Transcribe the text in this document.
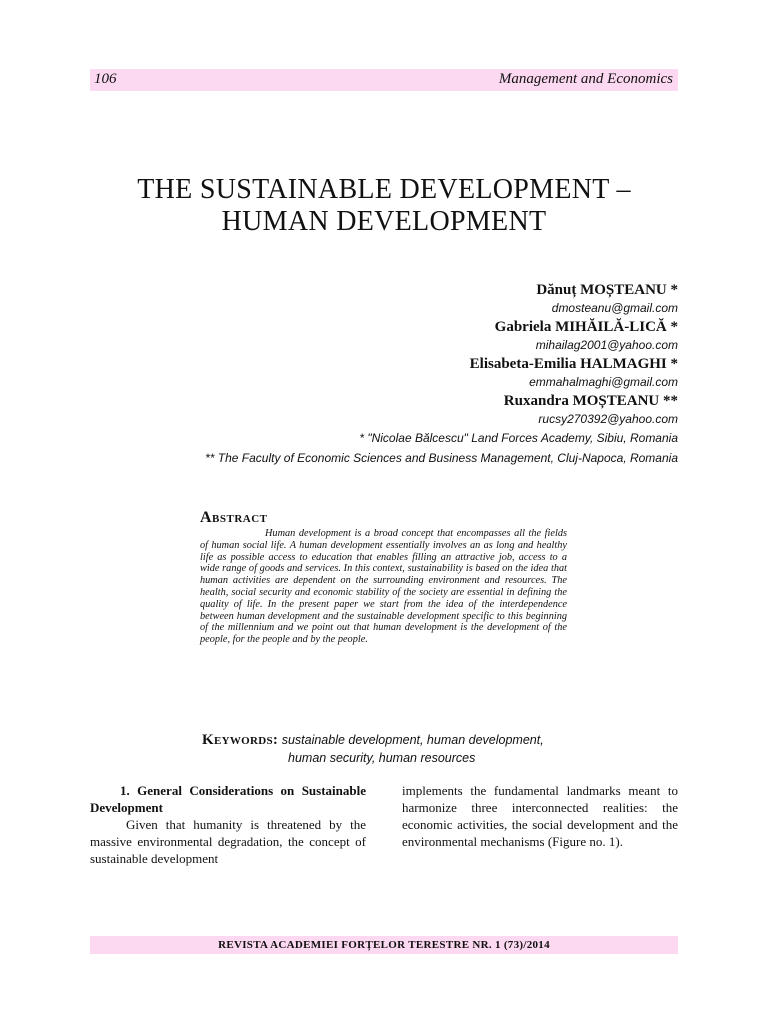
106	Management and Economics
THE SUSTAINABLE DEVELOPMENT –
HUMAN DEVELOPMENT
Dănuț MOȘTEANU *
dmosteanu@gmail.com
Gabriela MIHĂILĂ-LICĂ *
mihailag2001@yahoo.com
Elisabeta-Emilia HALMAGHI *
emmahalmaghi@gmail.com
Ruxandra MOȘTEANU **
rucsy270392@yahoo.com
* "Nicolae Bălcescu" Land Forces Academy, Sibiu, Romania
** The Faculty of Economic Sciences and Business Management, Cluj-Napoca, Romania
Abstract

Human development is a broad concept that encompasses all the fields of human social life. A human development essentially involves an as long and healthy life as possible access to education that enables filling an attractive job, access to a wide range of goods and services. In this context, sustainability is based on the idea that human activities are dependent on the surrounding environment and resources. The health, social security and economic stability of the society are essential in defining the quality of life. In the present paper we start from the idea of the interdependence between human development and the sustainable development specific to this beginning of the millennium and we point out that human development is the development of the people, for the people and by the people.

Keywords: sustainable development, human development,
human security, human resources

1. General Considerations on Sustainable Development

Given that humanity is threatened by the massive environmental degradation, the concept of sustainable development

implements the fundamental landmarks meant to harmonize three interconnected realities: the economic activities, the social development and the environmental mechanisms (Figure no. 1).

REVISTA ACADEMIEI FORȚELOR TERESTRE NR. 1 (73)/2014
